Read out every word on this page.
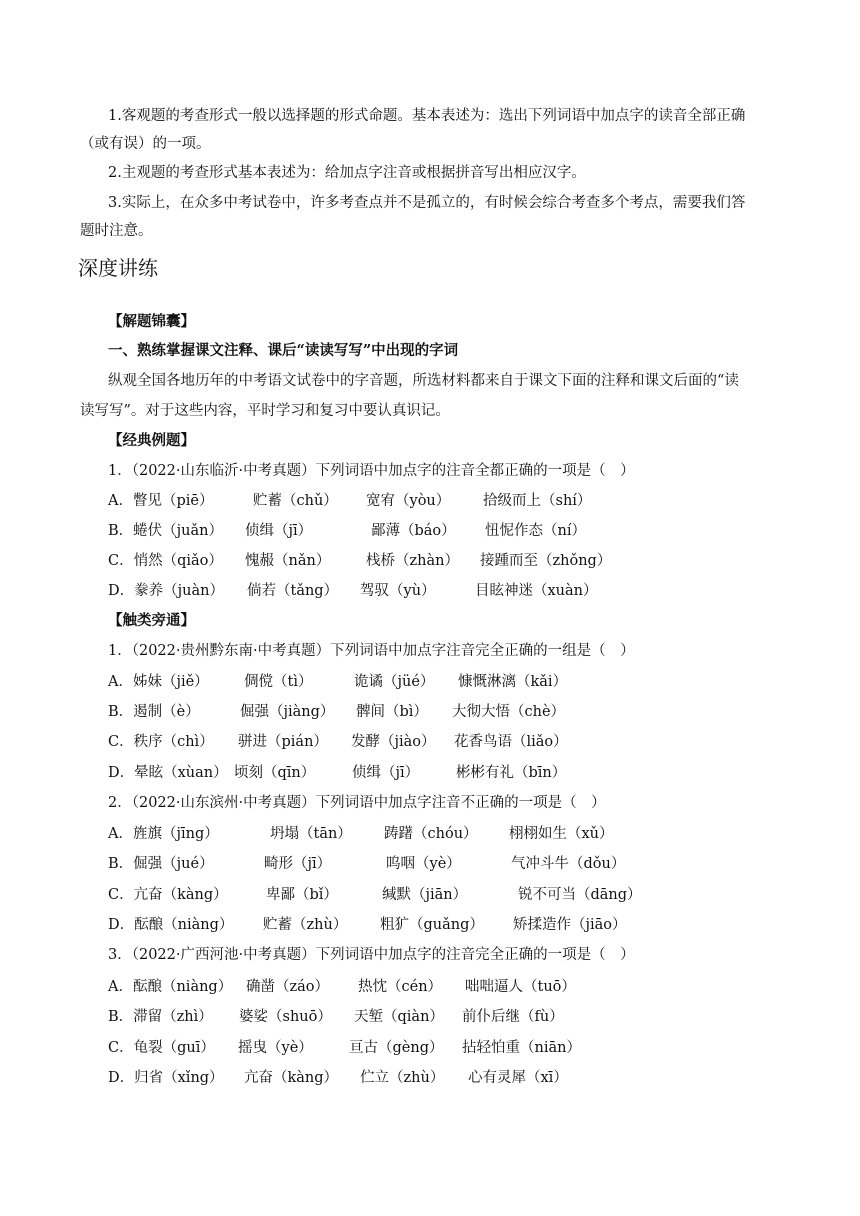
1.客观题的考查形式一般以选择题的形式命题。基本表述为：选出下列词语中加点字的读音全部正确
（或有误）的一项。
2.主观题的考查形式基本表述为：给加点字注音或根据拼音写出相应汉字。
3.实际上，在众多中考试卷中，许多考查点并不是孤立的，有时候会综合考查多个考点，需要我们答
题时注意。
深度讲练
【解题锦囊】
一、熟练掌握课文注释、课后“读读写写”中出现的字词
纵观全国各地历年的中考语文试卷中的字音题，所选材料都来自于课文下面的注释和课文后面的“读
读写写”。对于这些内容，平时学习和复习中要认真识记。
【经典例题】
1．（2022·山东临沂·中考真题）下列词语中加点字的注音全都正确的一项是（　）
A．瞥见（piē）	贮蓄（chǔ） 宽宥（yòu） 拾级而上（shí）
B．蜷伏（juǎn） 侦缉（jī）	鄙薄（báo） 忸怩作态（ní）
C．悄然（qiǎo） 愧赧（nǎn） 栈桥（zhàn） 接踵而至（zhǒng）
D．豢养（juàn） 倘若（tǎng） 驾驭（yù）	目眩神迷（xuàn）
【触类旁通】
1．（2022·贵州黔东南·中考真题）下列词语中加点字注音完全正确的一组是（　）
A．姊妹（jiě） 倜傥（tì）	诡谲（jüé） 慷慨淋漓（kǎi）
B．遏制（è）	倔强（jiàng） 髀间（bì） 大彻大悟（chè）
C．秩序（chì） 骈进（pián） 发酵（jiào） 花香鸟语（liǎo）
D．晕眩（xùan） 顷刻（qīn）	侦缉（jī）	彬彬有礼（bīn）
2．（2022·山东滨州·中考真题）下列词语中加点字注音不正确的一项是（　）
A．旌旗（jīng）	坍塌（tān） 踌躇（chóu） 栩栩如生（xǔ）
B．倔强（jué）	畸形（jī）	呜咽（yè）	气冲斗牛（dǒu）
C．亢奋（kàng）	卑鄙（bǐ）	缄默（jiān）	锐不可当（dāng）
D．酝酿（niàng） 贮蓄（zhù） 粗犷（guǎng） 矫揉造作（jiāo）
3．（2022·广西河池·中考真题）下列词语中加点字的注音完全正确的一项是（　）
A．酝酿（niàng） 确凿（záo） 热忱（cén） 咄咄逼人（tuō）
B．滞留（zhì） 婆娑（shuō） 天堑（qiàn） 前仆后继（fù）
C．龟裂（guī） 摇曳（yè） 亘古（gèng） 拈轻怕重（niān）
D．归省（xǐng） 亢奋（kàng） 伫立（zhù） 心有灵犀（xī）
